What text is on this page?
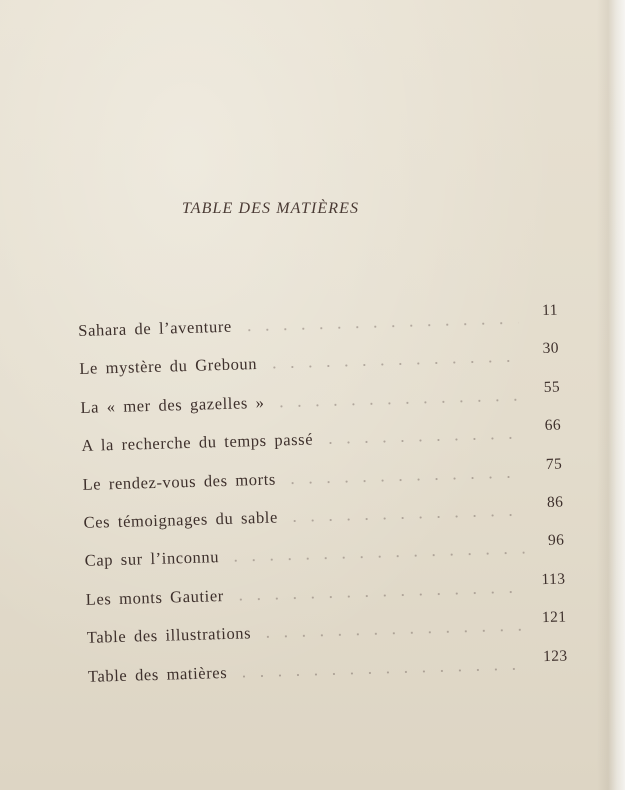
TABLE DES MATIÈRES
Sahara de l’aventure
11
Le mystère du Greboun
30
La « mer des gazelles »
55
A la recherche du temps passé
66
Le rendez-vous des morts
75
Ces témoignages du sable
86
Cap sur l’inconnu
96
Les monts Gautier
113
Table des illustrations
121
Table des matières
123
